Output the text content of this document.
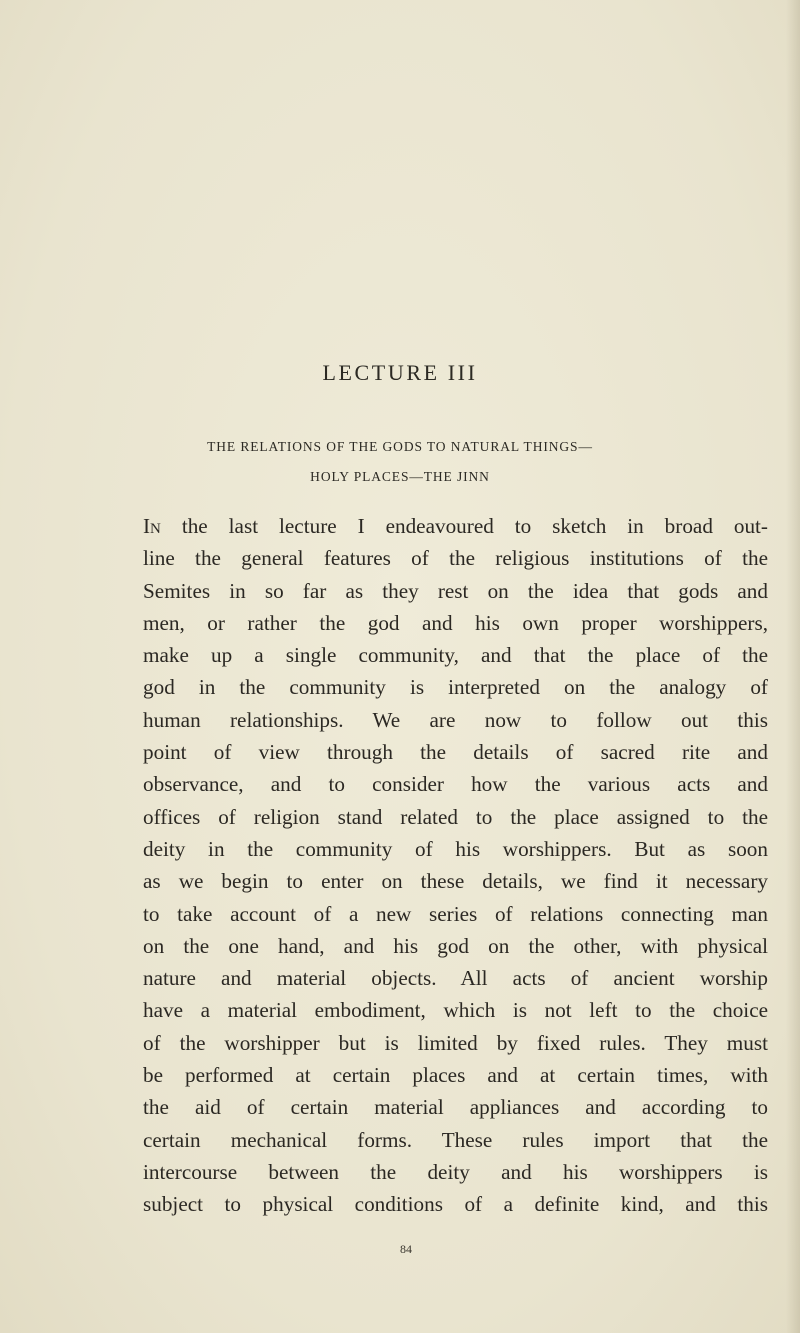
LECTURE III
THE RELATIONS OF THE GODS TO NATURAL THINGS—
HOLY PLACES—THE JINN
In the last lecture I endeavoured to sketch in broad out-
line the general features of the religious institutions of the
Semites in so far as they rest on the idea that gods and
men, or rather the god and his own proper worshippers,
make up a single community, and that the place of the
god in the community is interpreted on the analogy of
human relationships. We are now to follow out this
point of view through the details of sacred rite and
observance, and to consider how the various acts and
offices of religion stand related to the place assigned to the
deity in the community of his worshippers. But as soon
as we begin to enter on these details, we find it necessary
to take account of a new series of relations connecting man
on the one hand, and his god on the other, with physical
nature and material objects. All acts of ancient worship
have a material embodiment, which is not left to the choice
of the worshipper but is limited by fixed rules. They must
be performed at certain places and at certain times, with
the aid of certain material appliances and according to
certain mechanical forms. These rules import that the
intercourse between the deity and his worshippers is
subject to physical conditions of a definite kind, and this
84
